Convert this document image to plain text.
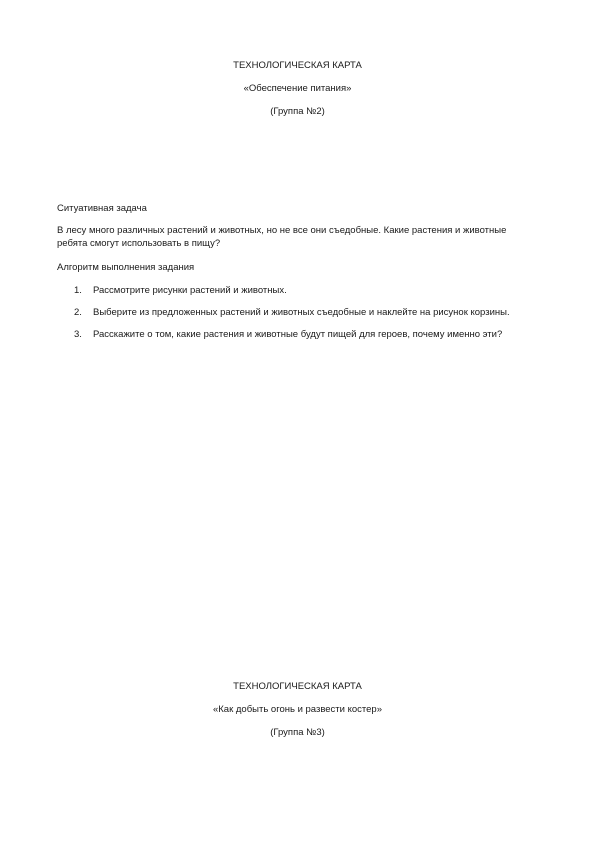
ТЕХНОЛОГИЧЕСКАЯ КАРТА
«Обеспечение питания»
(Группа №2)
Ситуативная задача

В лесу много различных растений и животных, но не все они съедобные. Какие растения и животные ребята смогут использовать в пищу?

Алгоритм выполнения задания
1. Рассмотрите рисунки растений и животных.
2. Выберите из предложенных растений и животных съедобные и наклейте на рисунок корзины.
3. Расскажите о том, какие растения и животные будут пищей для героев, почему именно эти?
ТЕХНОЛОГИЧЕСКАЯ КАРТА
«Как добыть огонь и развести костер»
(Группа №3)
